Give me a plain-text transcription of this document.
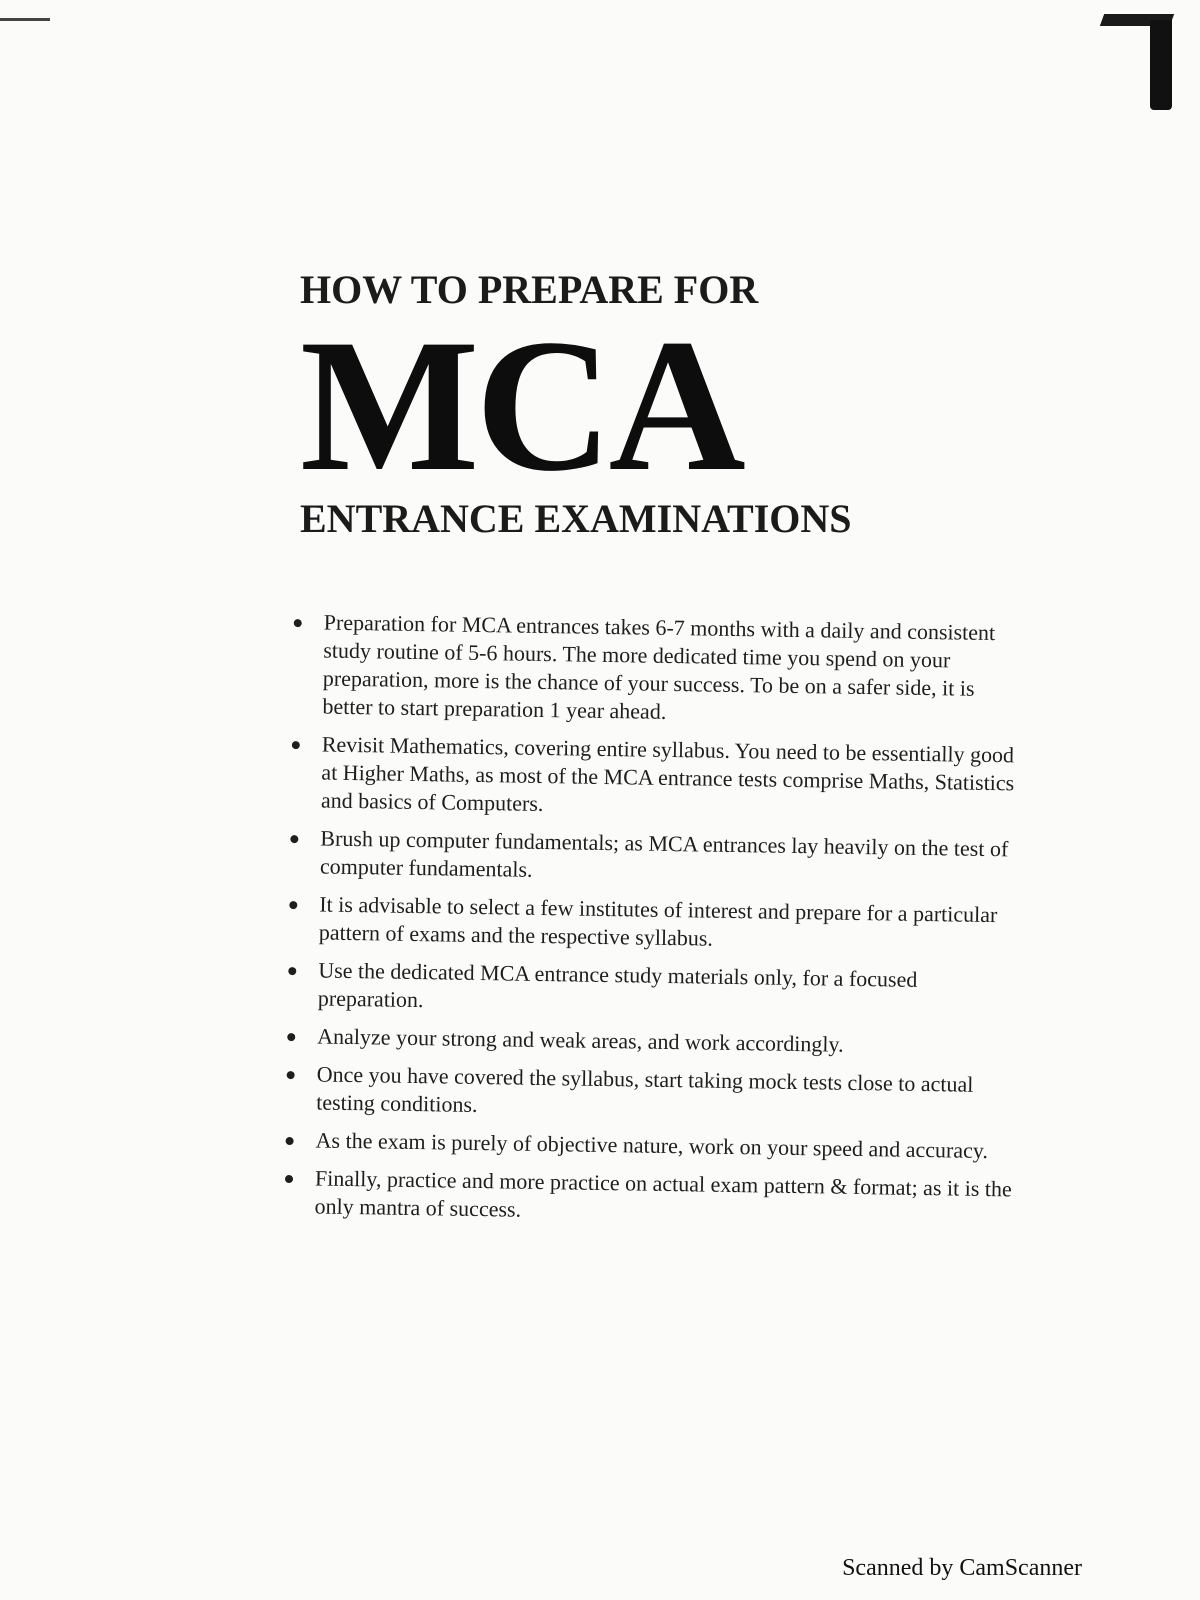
HOW TO PREPARE FOR
MCA
ENTRANCE EXAMINATIONS
Preparation for MCA entrances takes 6-7 months with a daily and consistent study routine of 5-6 hours. The more dedicated time you spend on your preparation, more is the chance of your success. To be on a safer side, it is better to start preparation 1 year ahead.
Revisit Mathematics, covering entire syllabus. You need to be essentially good at Higher Maths, as most of the MCA entrance tests comprise Maths, Statistics and basics of Computers.
Brush up computer fundamentals; as MCA entrances lay heavily on the test of computer fundamentals.
It is advisable to select a few institutes of interest and prepare for a particular pattern of exams and the respective syllabus.
Use the dedicated MCA entrance study materials only, for a focused preparation.
Analyze your strong and weak areas, and work accordingly.
Once you have covered the syllabus, start taking mock tests close to actual testing conditions.
As the exam is purely of objective nature, work on your speed and accuracy.
Finally, practice and more practice on actual exam pattern & format; as it is the only mantra of success.
Scanned by CamScanner
